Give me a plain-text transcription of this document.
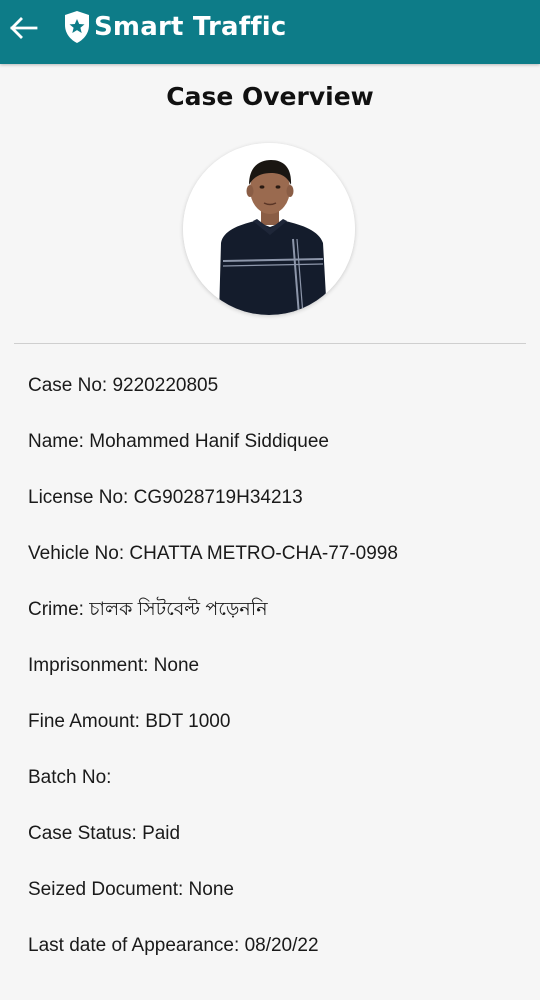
Smart Traffic
Case Overview
Case No: 9220220805
Name: Mohammed Hanif Siddiquee
License No: CG9028719H34213
Vehicle No: CHATTA METRO-CHA-77-0998
Crime: চালক সিটবেল্ট পড়েননি
Imprisonment: None
Fine Amount: BDT 1000
Batch No:
Case Status: Paid
Seized Document: None
Last date of Appearance: 08/20/22
